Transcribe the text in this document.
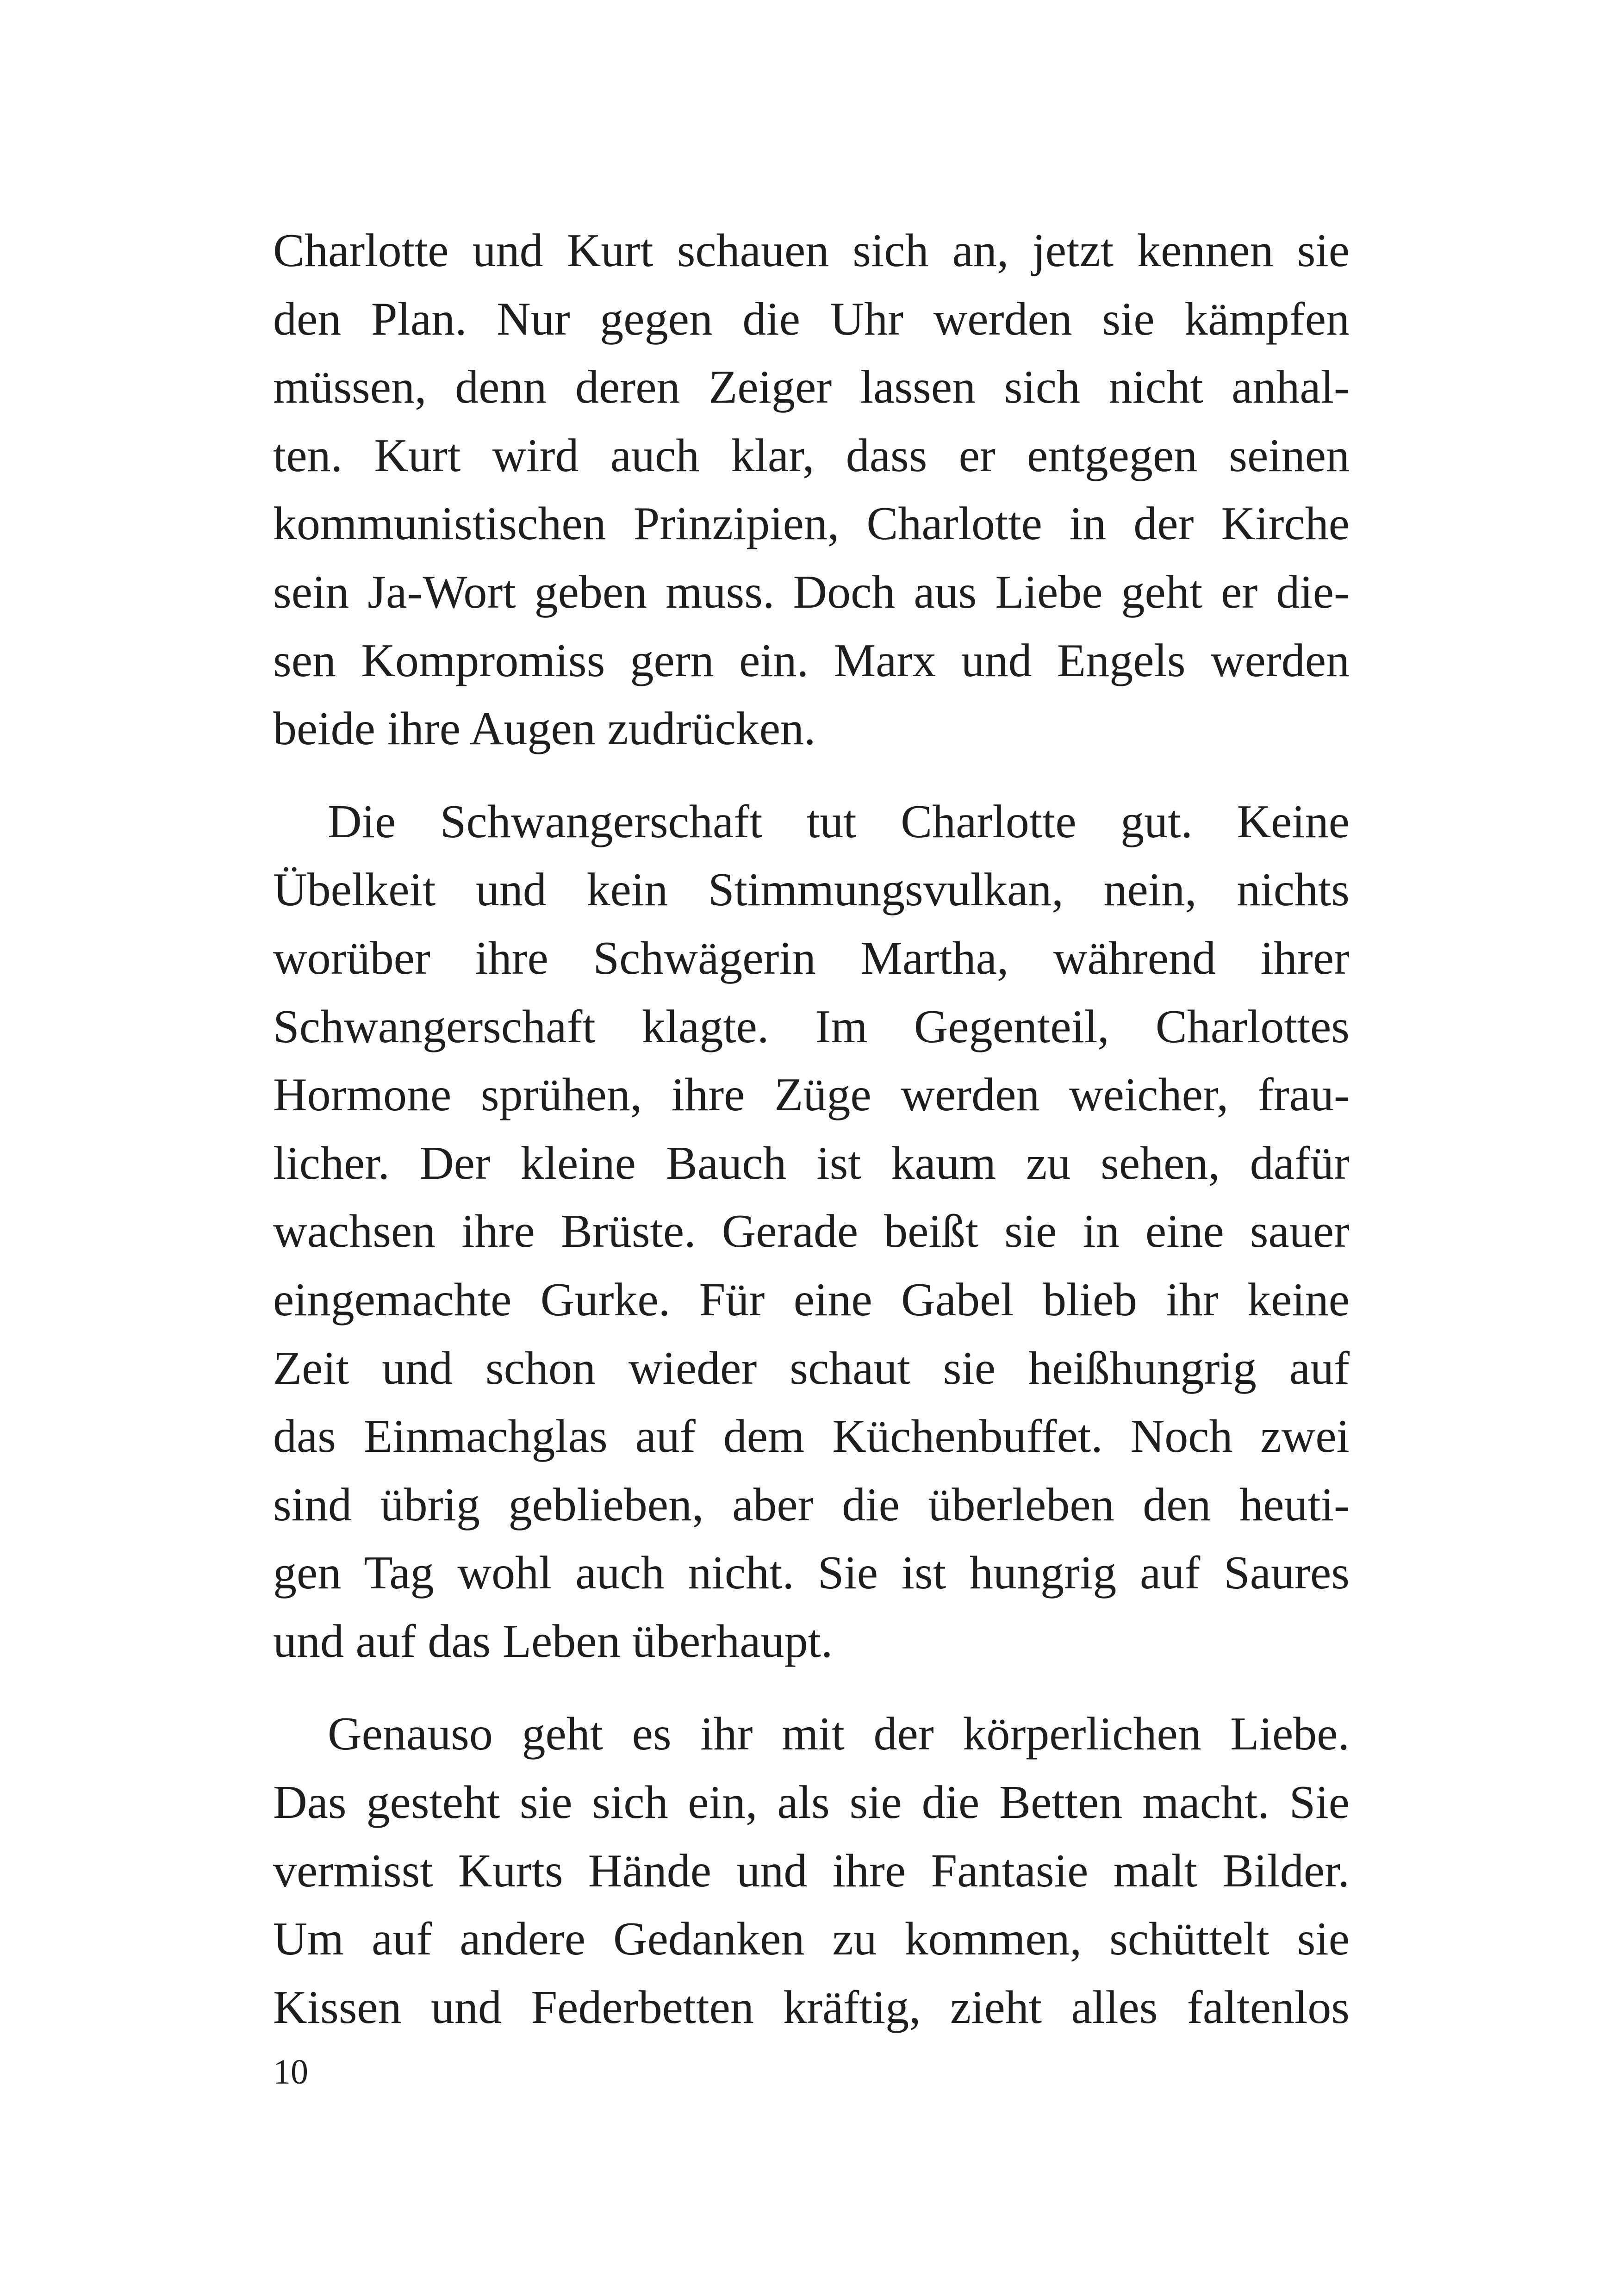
Charlotte und Kurt schauen sich an, jetzt kennen sie
den Plan. Nur gegen die Uhr werden sie kämpfen
müssen, denn deren Zeiger lassen sich nicht anhal-
ten. Kurt wird auch klar, dass er entgegen seinen
kommunistischen Prinzipien, Charlotte in der Kirche
sein Ja-Wort geben muss. Doch aus Liebe geht er die-
sen Kompromiss gern ein. Marx und Engels werden
beide ihre Augen zudrücken.

Die Schwangerschaft tut Charlotte gut. Keine
Übelkeit und kein Stimmungsvulkan, nein, nichts
worüber ihre Schwägerin Martha, während ihrer
Schwangerschaft klagte. Im Gegenteil, Charlottes
Hormone sprühen, ihre Züge werden weicher, frau-
licher. Der kleine Bauch ist kaum zu sehen, dafür
wachsen ihre Brüste. Gerade beißt sie in eine sauer
eingemachte Gurke. Für eine Gabel blieb ihr keine
Zeit und schon wieder schaut sie heißhungrig auf
das Einmachglas auf dem Küchenbuffet. Noch zwei
sind übrig geblieben, aber die überleben den heuti-
gen Tag wohl auch nicht. Sie ist hungrig auf Saures
und auf das Leben überhaupt.

Genauso geht es ihr mit der körperlichen Liebe.
Das gesteht sie sich ein, als sie die Betten macht. Sie
vermisst Kurts Hände und ihre Fantasie malt Bilder.
Um auf andere Gedanken zu kommen, schüttelt sie
Kissen und Federbetten kräftig, zieht alles faltenlos

10
